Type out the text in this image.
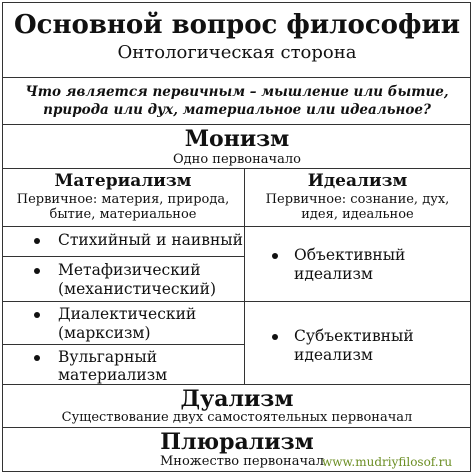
Основной вопрос философии
Онтологическая сторона
Что является первичным – мышление или бытие,
природа или дух, материальное или идеальное?
Монизм
Одно первоначало
Материализм
Первичное: материя, природа,
бытие, материальное
Идеализм
Первичное: сознание, дух,
идея, идеальное
Стихийный и наивный
Метафизический
(механистический)
Диалектический
(марксизм)
Вульгарный
материализм
Объективный
идеализм
Субъективный
идеализм
Дуализм
Существование двух самостоятельных первоначал
Плюрализм
Множество первоначал
www.mudriyfilosof.ru
